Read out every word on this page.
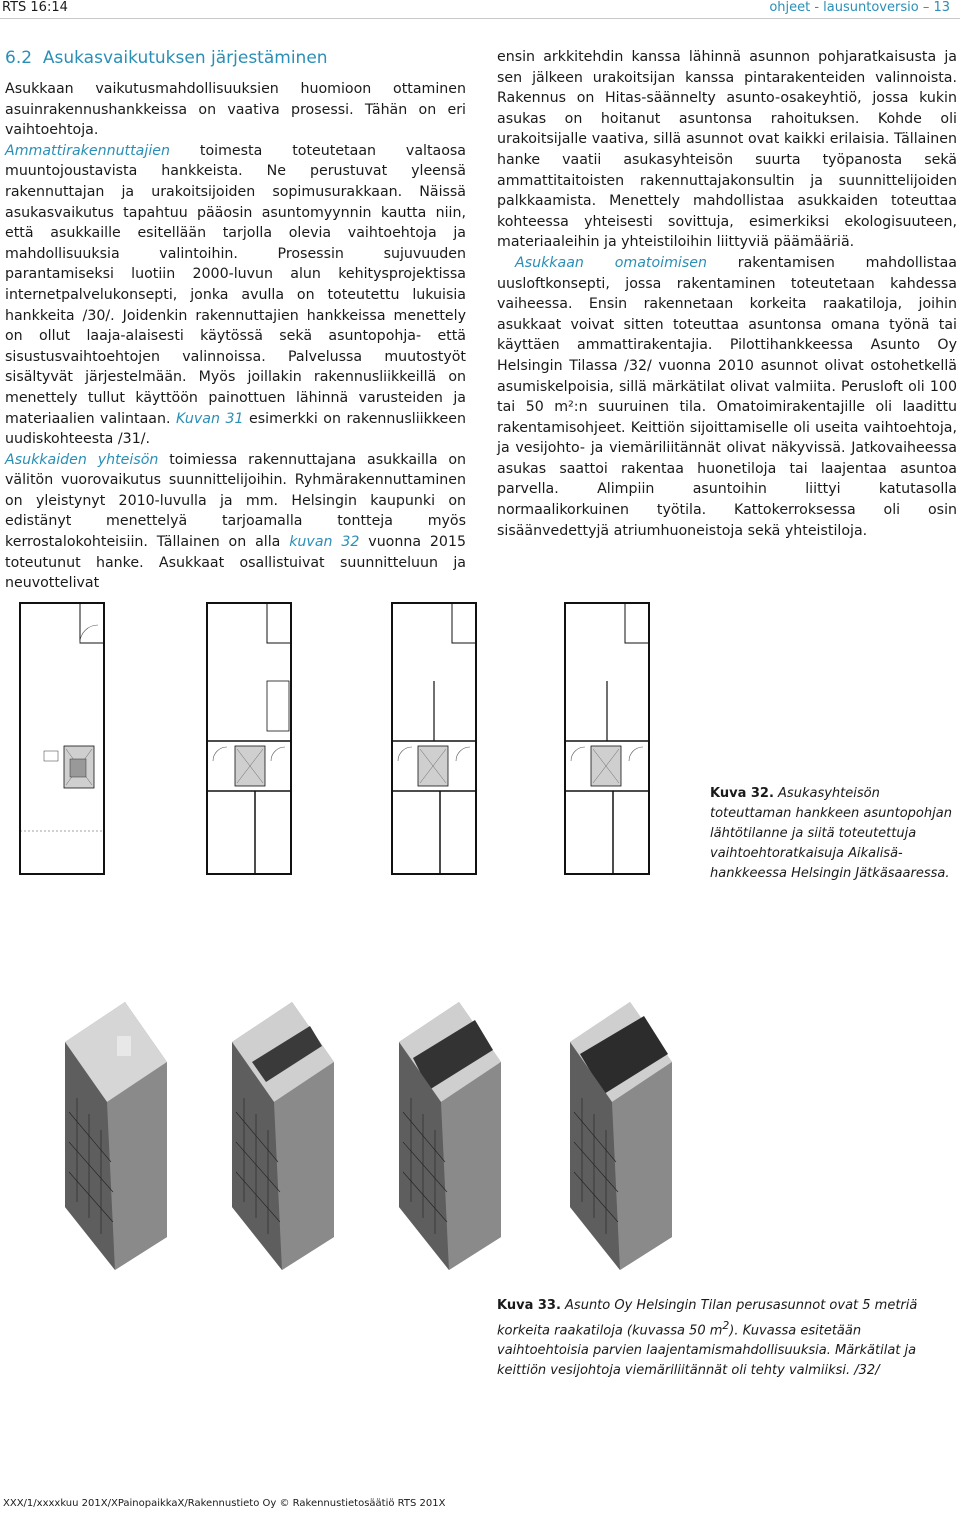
RTS 16:14	ohjeet - lausuntoversio – 13
6.2 Asukasvaikutuksen järjestäminen

Asukkaan vaikutusmahdollisuuksien huomioon ottaminen asuinrakennushankkeissa on vaativa prosessi. Tähän on eri vaihtoehtoja.

Ammattirakennuttajien toimesta toteutetaan valtaosa muuntojoustavista hankkeista. Ne perustuvat yleensä rakennuttajan ja urakoitsijoiden sopimusurakkaan. Näissä asukasvaikutus tapahtuu pääosin asuntomyynnin kautta niin, että asukkaille esitellään tarjolla olevia vaihtoehtoja ja mahdollisuuksia valintoihin. Prosessin sujuvuuden parantamiseksi luotiin 2000-luvun alun kehitysprojektissa internetpalvelukonsepti, jonka avulla on toteutettu lukuisia hankkeita /30/. Joidenkin rakennuttajien hankkeissa menettely on ollut laaja-alaisesti käytössä sekä asuntopohja- että sisustusvaihtoehtojen valinnoissa. Palvelussa muutostyöt sisältyvät järjestelmään. Myös joillakin rakennusliikkeillä on menettely tullut käyttöön painottuen lähinnä varusteiden ja materiaalien valintaan. Kuvan 31 esimerkki on rakennusliikkeen uudiskohteesta /31/.

Asukkaiden yhteisön toimiessa rakennuttajana asukkailla on välitön vuorovaikutus suunnittelijoihin. Ryhmärakennuttaminen on yleistynyt 2010-luvulla ja mm. Helsingin kaupunki on edistänyt menettelyä tarjoamalla tontteja myös kerrostalokohteisiin. Tällainen on alla kuvan 32 vuonna 2015 toteutunut hanke. Asukkaat osallistuivat suunnitteluun ja neuvottelivat

ensin arkkitehdin kanssa lähinnä asunnon pohjaratkaisusta ja sen jälkeen urakoitsijan kanssa pintarakenteiden valinnoista. Rakennus on Hitas-säännelty asunto-osakeyhtiö, jossa kukin asukas on hoitanut asuntonsa rahoituksen. Kohde oli urakoitsijalle vaativa, sillä asunnot ovat kaikki erilaisia. Tällainen hanke vaatii asukasyhteisön suurta työpanosta sekä ammattitaitoisten rakennuttajakonsultin ja suunnittelijoiden palkkaamista. Menettely mahdollistaa asukkaiden toteuttaa kohteessa yhteisesti sovittuja, esimerkiksi ekologisuuteen, materiaaleihin ja yhteistiloihin liittyviä päämääriä.

Asukkaan omatoimisen rakentamisen mahdollistaa uusloftkonsepti, jossa rakentaminen toteutetaan kahdessa vaiheessa. Ensin rakennetaan korkeita raakatiloja, joihin asukkaat voivat sitten toteuttaa asuntonsa omana työnä tai käyttäen ammattirakentajia. Pilottihankkeessa Asunto Oy Helsingin Tilassa /32/ vuonna 2010 asunnot olivat ostohetkellä asumiskelpoisia, sillä märkätilat olivat valmiita. Perusloft oli 100 tai 50 m²:n suuruinen tila. Omatoimirakentajille oli laadittu rakentamisohjeet. Keittiön sijoittamiselle oli useita vaihtoehtoja, ja vesijohto- ja viemäriliitännät olivat näkyvissä. Jatkovaiheessa asukas saattoi rakentaa huonetiloja tai laajentaa asuntoa parvella. Alimpiin asuntoihin liittyi katutasolla normaalikorkuinen työtila. Kattokerroksessa oli osin sisäänvedettyjä atriumhuoneistoja sekä yhteistiloja.

Kuva 32. Asukasyhteisön toteuttaman hankkeen asuntopohjan lähtötilanne ja siitä toteutettuja vaihtoehtoratkaisuja Aikalisä-hankkeessa Helsingin Jätkäsaaressa.
Kuva 33. Asunto Oy Helsingin Tilan perusasunnot ovat 5 metriä korkeita raakatiloja (kuvassa 50 $m^2$). Kuvassa esitetään vaihtoehtoisia parvien laajentamismahdollisuuksia. Märkätilat ja keittiön vesijohtoja viemäriliitännät oli tehty valmiiksi. /32/
XXX/1/xxxxkuu 201X/XPainopaikkaX/Rakennustieto Oy © Rakennustietosäätiö RTS 201X
